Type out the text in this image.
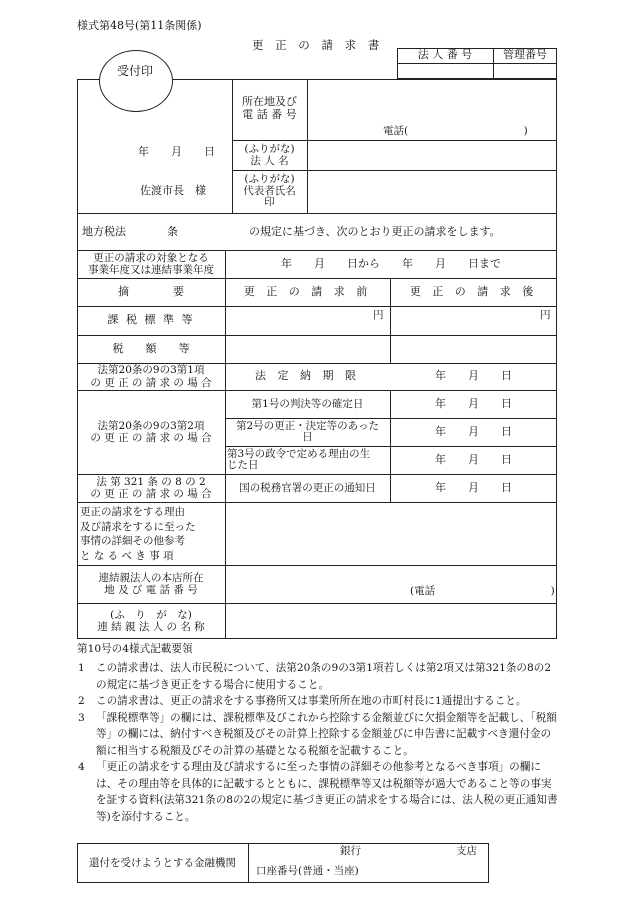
様式第48号(第11条関係)
更 正 の 請 求 書
法 人 番 号	管理番号
受付印
年　　月　　日
佐渡市長　様
所在地及び
電 話 番 号
電話(　　　　　　　　　　　)
(ふりがな)
法 人 名
(ふりがな)
代表者氏名
印
地方税法	条	の規定に基づき、次のとおり更正の請求をします。
更正の請求の対象となる
事業年度又は連結事業年度
年　　月　　日から　　年　　月　　日まで
摘　　　　要	更 正 の 請 求 前	更 正 の 請 求 後
課 税 標 準 等	円	円
税　　額　　等
法第20条の9の3第1項
の 更 正 の 請 求 の 場 合
法 定 納 期 限	年　　月　　日
法第20条の9の3第2項
の 更 正 の 請 求 の 場 合
第1号の判決等の確定日	年　　月　　日
第2号の更正・決定等のあった
日	年　　月　　日
第3号の政令で定める理由の生
じた日	年　　月　　日
法 第 321 条 の 8 の 2
の 更 正 の 請 求 の 場 合
国の税務官署の更正の通知日	年　　月　　日
更正の請求をする理由
及び請求をするに至った
事情の詳細その他参考
と な る べ き 事 項
連結親法人の本店所在
地 及 び 電 話 番 号	(電話　　　　　　　　　　　)
(ふ　り　が　な)
連 結 親 法 人 の 名 称
第10号の4様式記載要領

1 この請求書は、法人市民税について、法第20条の9の3第1項若しくは第2項又は第321条の8の2の規定に基づき更正をする場合に使用すること。

2 この請求書は、更正の請求をする事務所又は事業所所在地の市町村長に1通提出すること。

3 「課税標準等」の欄には、課税標準及びこれから控除する金額並びに欠損金額等を記載し、「税額等」の欄には、納付すべき税額及びその計算上控除する金額並びに申告書に記載すべき還付金の額に相当する税額及びその計算の基礎となる税額を記載すること。

4 「更正の請求をする理由及び請求するに至った事情の詳細その他参考となるべき事項」の欄には、その理由等を具体的に記載するとともに、課税標準等又は税額等が過大であること等の事実を証する資料(法第321条の8の2の規定に基づき更正の請求をする場合には、法人税の更正通知書等)を添付すること。

還付を受けようとする金融機関
銀行	支店
口座番号(普通・当座)
